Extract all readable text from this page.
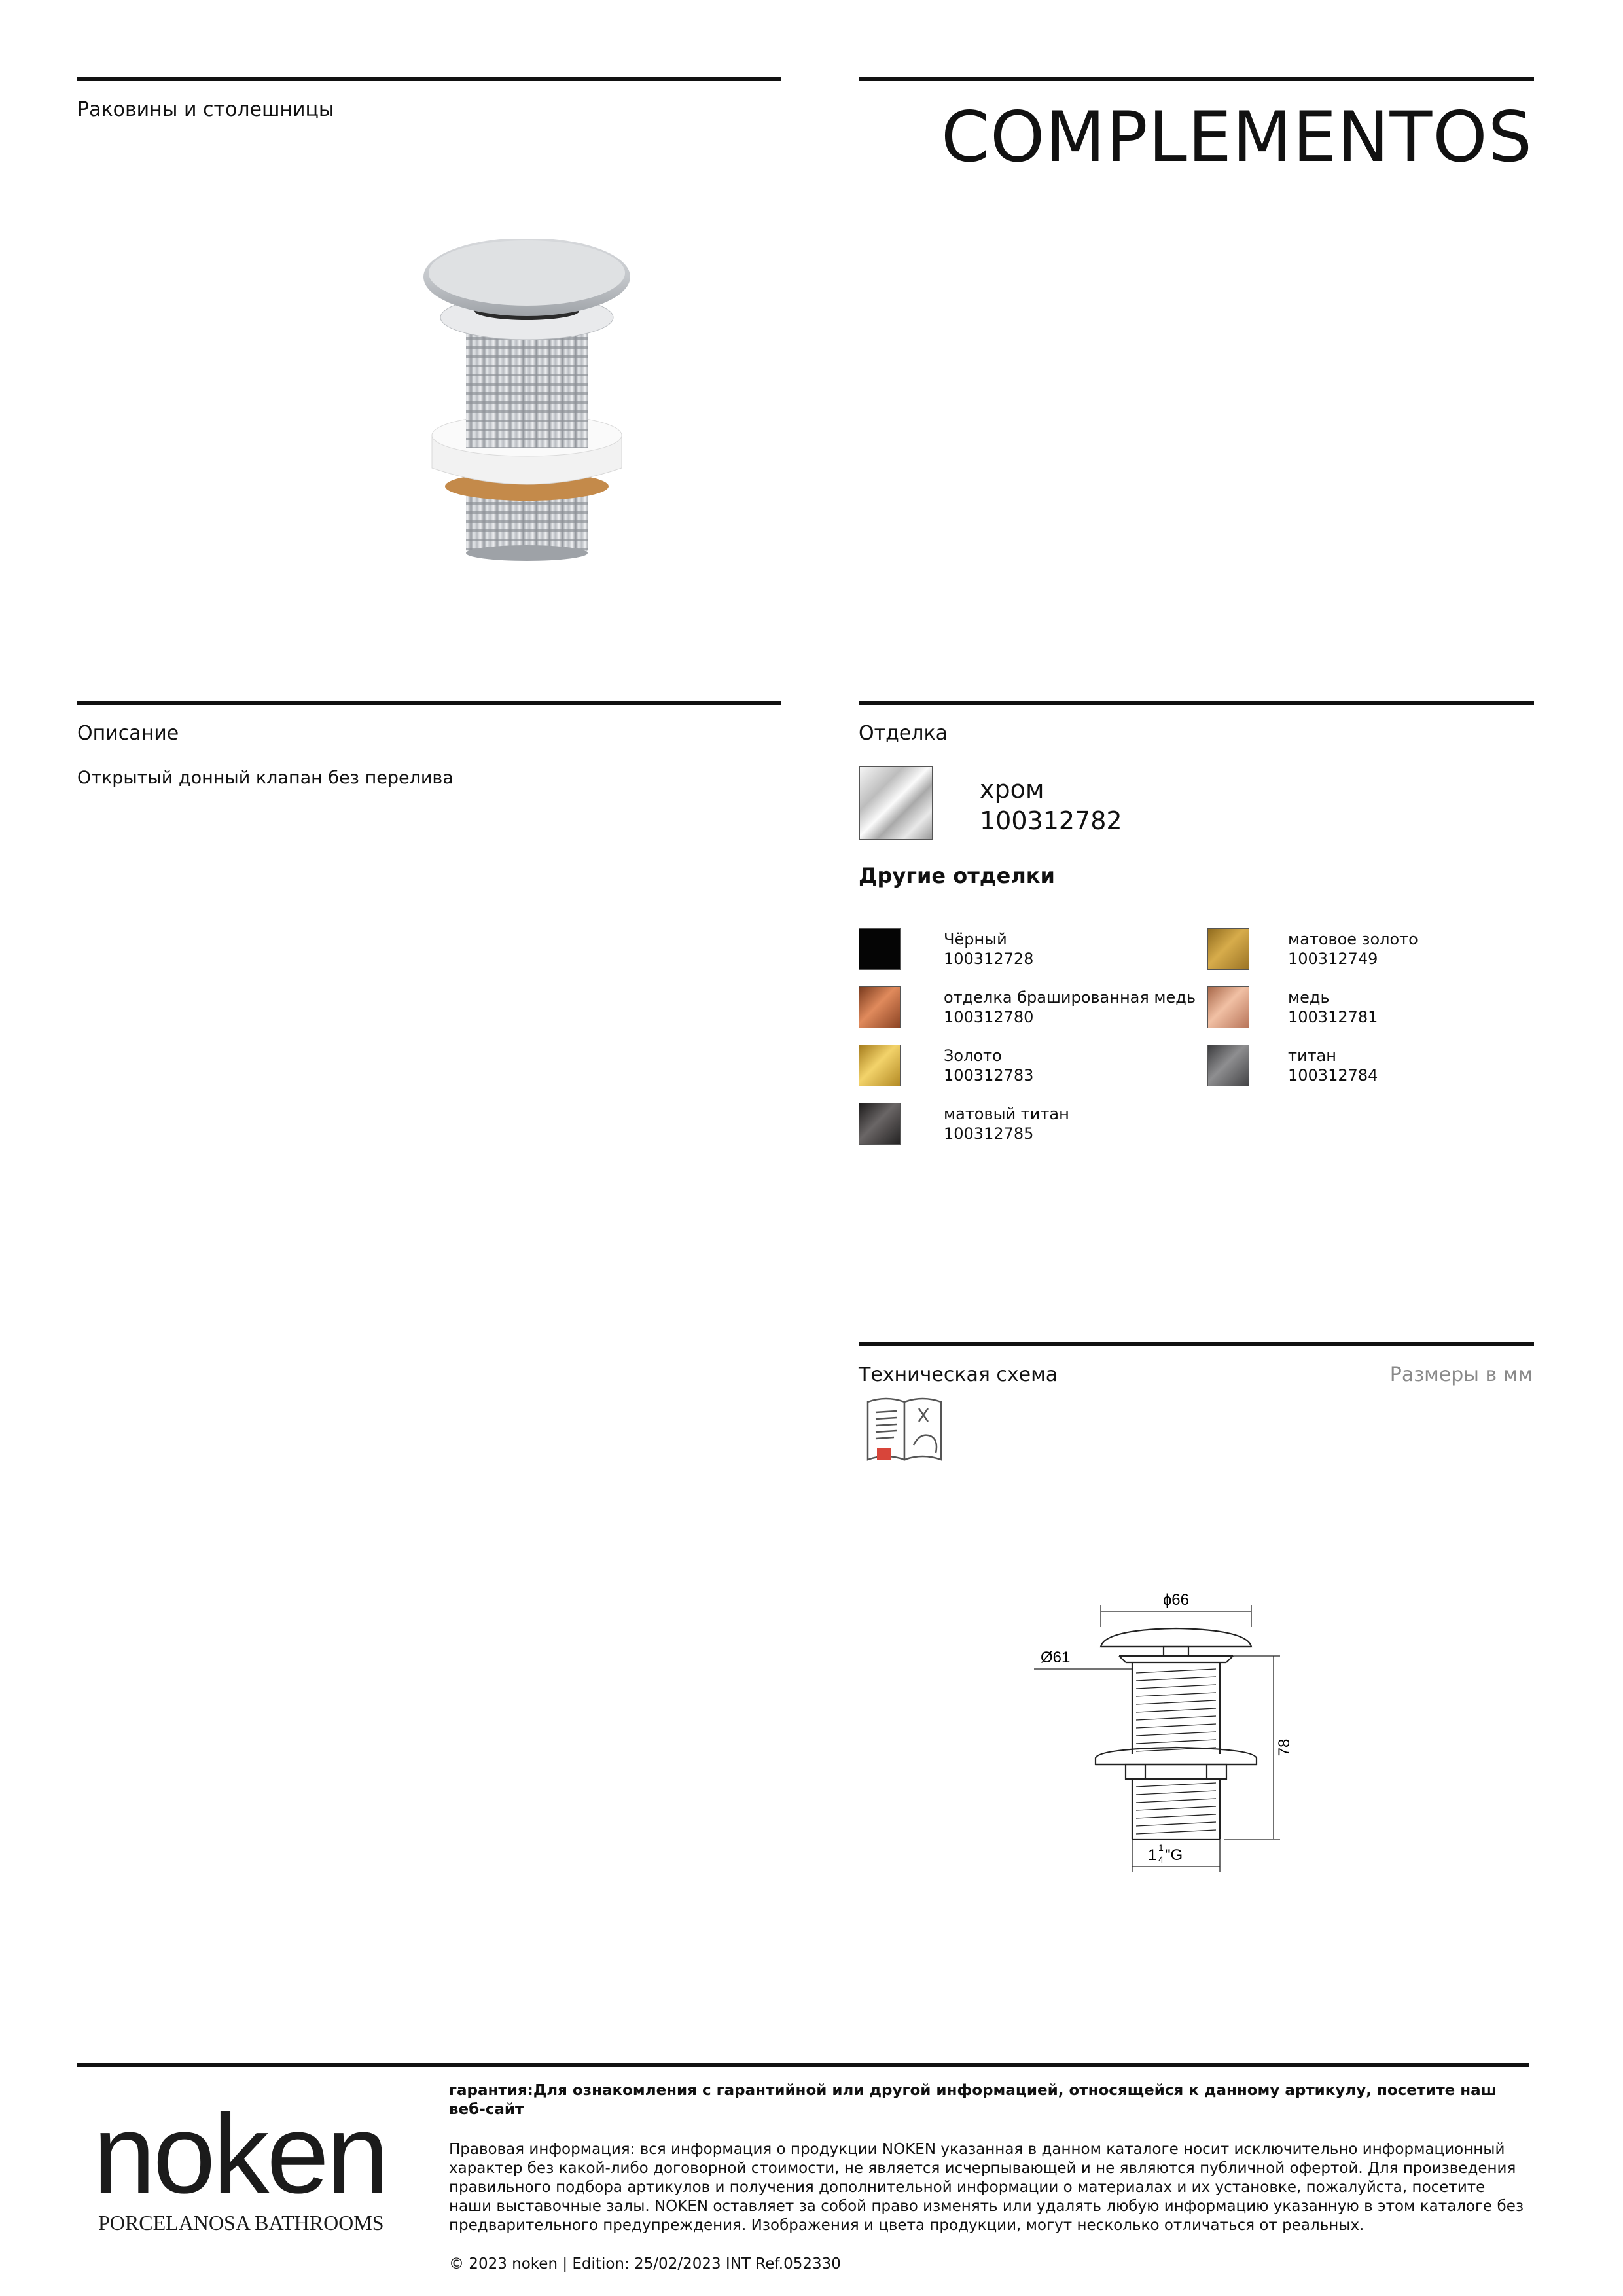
Раковины и столешницы	COMPLEMENTOS
Описание
Открытый донный клапан без перелива
Отделка
хром
100312782
Другие отделки
Чёрный
100312728
матовое золото
100312749
отделка брашированная медь
100312780
медь
100312781
Золото
100312783
титан
100312784
матовый титан
100312785
Техническая схема	Размеры в мм
ɸ66
Ø61
78
1 1
4 "G
noken
PORCELANOSA BATHROOMS
гарантия:Для ознакомления с гарантийной или другой информацией, относящейся к данному артикулу, посетите наш веб-сайт
Правовая информация: вся информация о продукции NOKEN указанная в данном каталоге носит исключительно информационный характер без какой-либо договорной стоимости, не является исчерпывающей и не являются публичной офертой. Для произведения правильного подбора артикулов и получения дополнительной информации о материалах и их установке, пожалуйста, посетите наши выставочные залы. NOKEN оставляет за собой право изменять или удалять любую информацию указанную в этом каталоге без предварительного предупреждения. Изображения и цвета продукции, могут несколько отличаться от реальных.
© 2023 noken | Edition: 25/02/2023 INT Ref.052330
